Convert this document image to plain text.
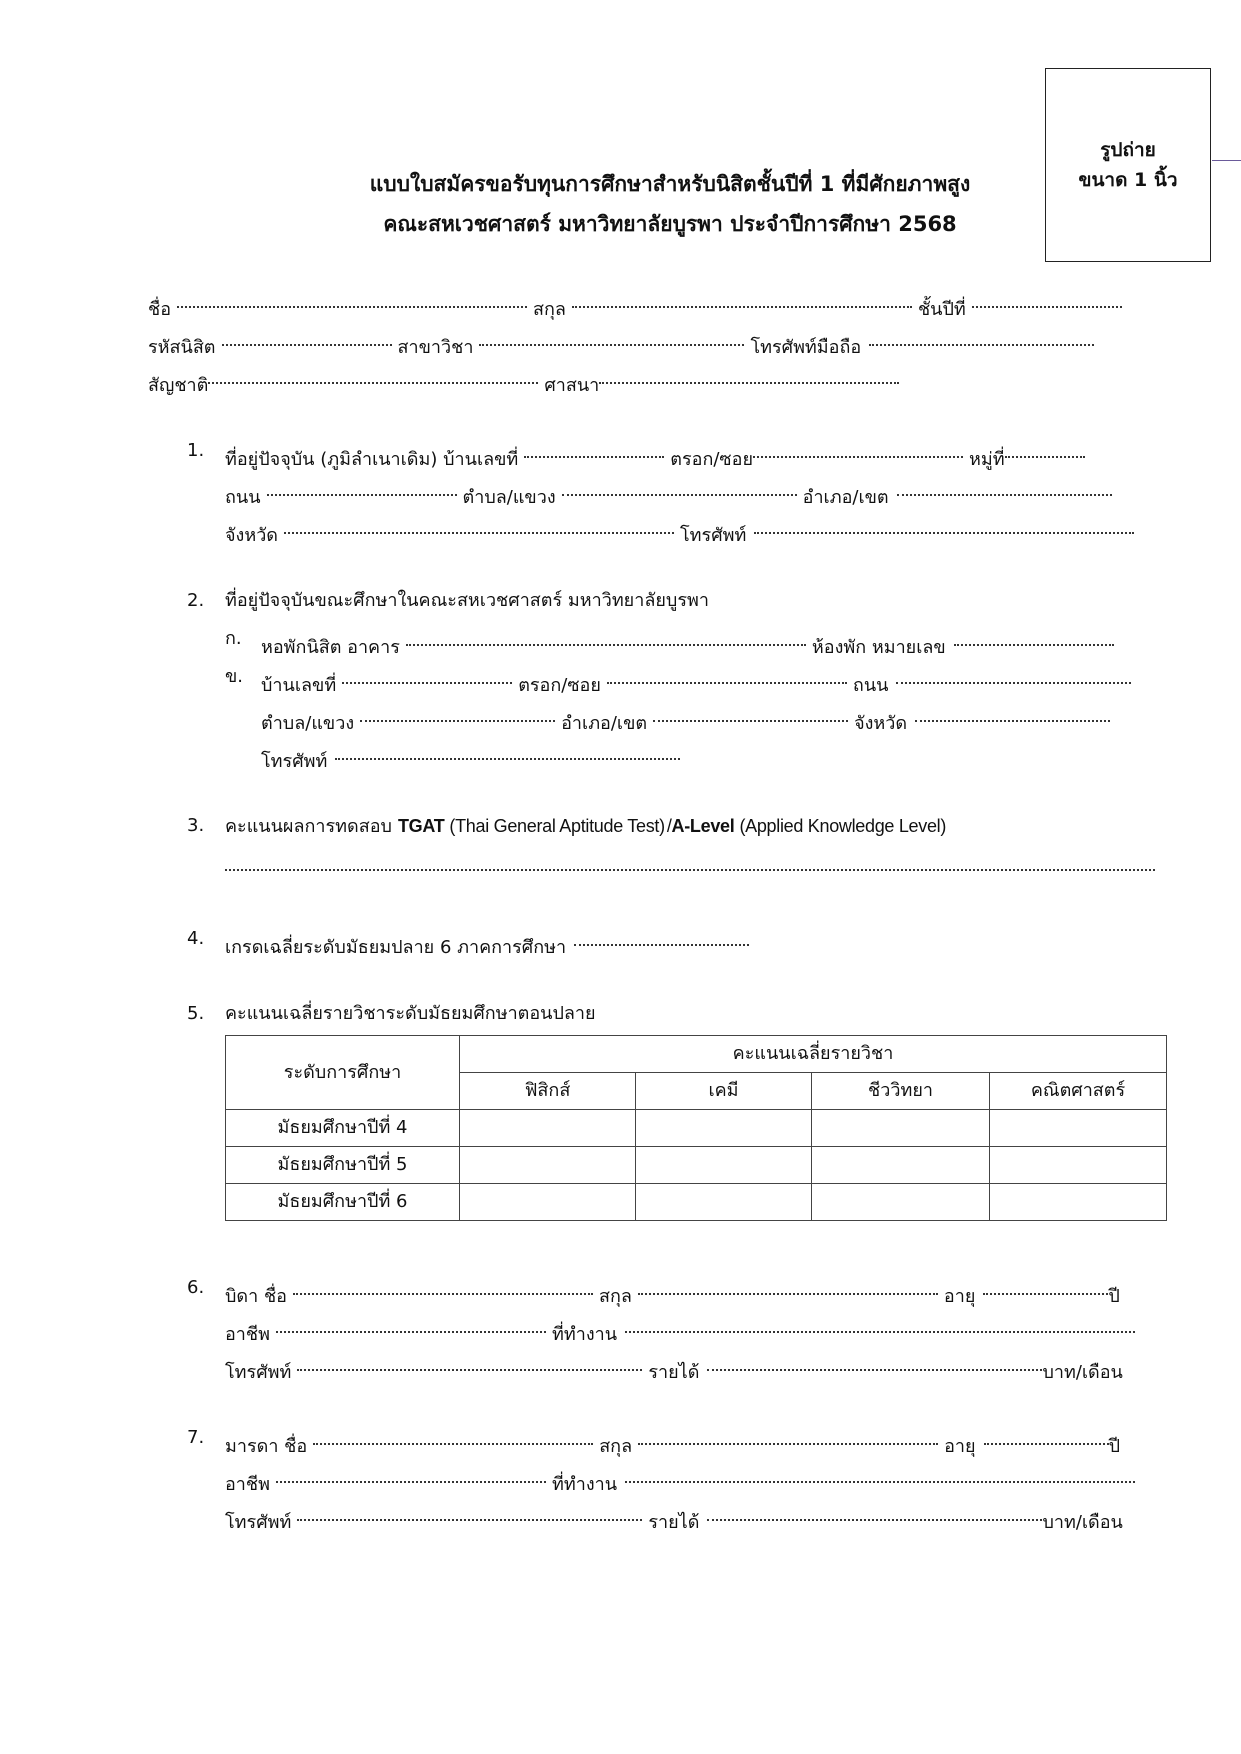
แบบใบสมัครขอรับทุนการศึกษาสำหรับนิสิตชั้นปีที่ 1 ที่มีศักยภาพสูง
คณะสหเวชศาสตร์ มหาวิทยาลัยบูรพา ประจำปีการศึกษา 2568
รูปถ่าย
ขนาด 1 นิ้ว
ชื่อ	สกุล	ชั้นปีที่
รหัสนิสิต	สาขาวิชา	โทรศัพท์มือถือ
สัญชาติ	ศาสนา
1. ที่อยู่ปัจจุบัน (ภูมิลำเนาเดิม) บ้านเลขที่	ตรอก/ซอย	หมู่ที่
ถนน	ตำบล/แขวง	อำเภอ/เขต
จังหวัด	โทรศัพท์
2. ที่อยู่ปัจจุบันขณะศึกษาในคณะสหเวชศาสตร์ มหาวิทยาลัยบูรพา
ก. หอพักนิสิต อาคาร	ห้องพัก หมายเลข
ข. บ้านเลขที่	ตรอก/ซอย	ถนน
ตำบล/แขวง	อำเภอ/เขต	จังหวัด
โทรศัพท์
3. คะแนนผลการทดสอบ TGAT (Thai General Aptitude Test) / A-Level (Applied Knowledge Level)
4. เกรดเฉลี่ยระดับมัธยมปลาย 6 ภาคการศึกษา
5. คะแนนเฉลี่ยรายวิชาระดับมัธยมศึกษาตอนปลาย
ระดับการศึกษา	คะแนนเฉลี่ยรายวิชา			
	ฟิสิกส์	เคมี	ชีววิทยา	คณิตศาสตร์
มัธยมศึกษาปีที่ 4				
มัธยมศึกษาปีที่ 5				
มัธยมศึกษาปีที่ 6				
6. บิดา ชื่อ	สกุล	อายุ	ปี
อาชีพ	ที่ทำงาน
โทรศัพท์	รายได้	บาท/เดือน
7. มารดา ชื่อ	สกุล	อายุ	ปี
อาชีพ	ที่ทำงาน
โทรศัพท์	รายได้	บาท/เดือน
